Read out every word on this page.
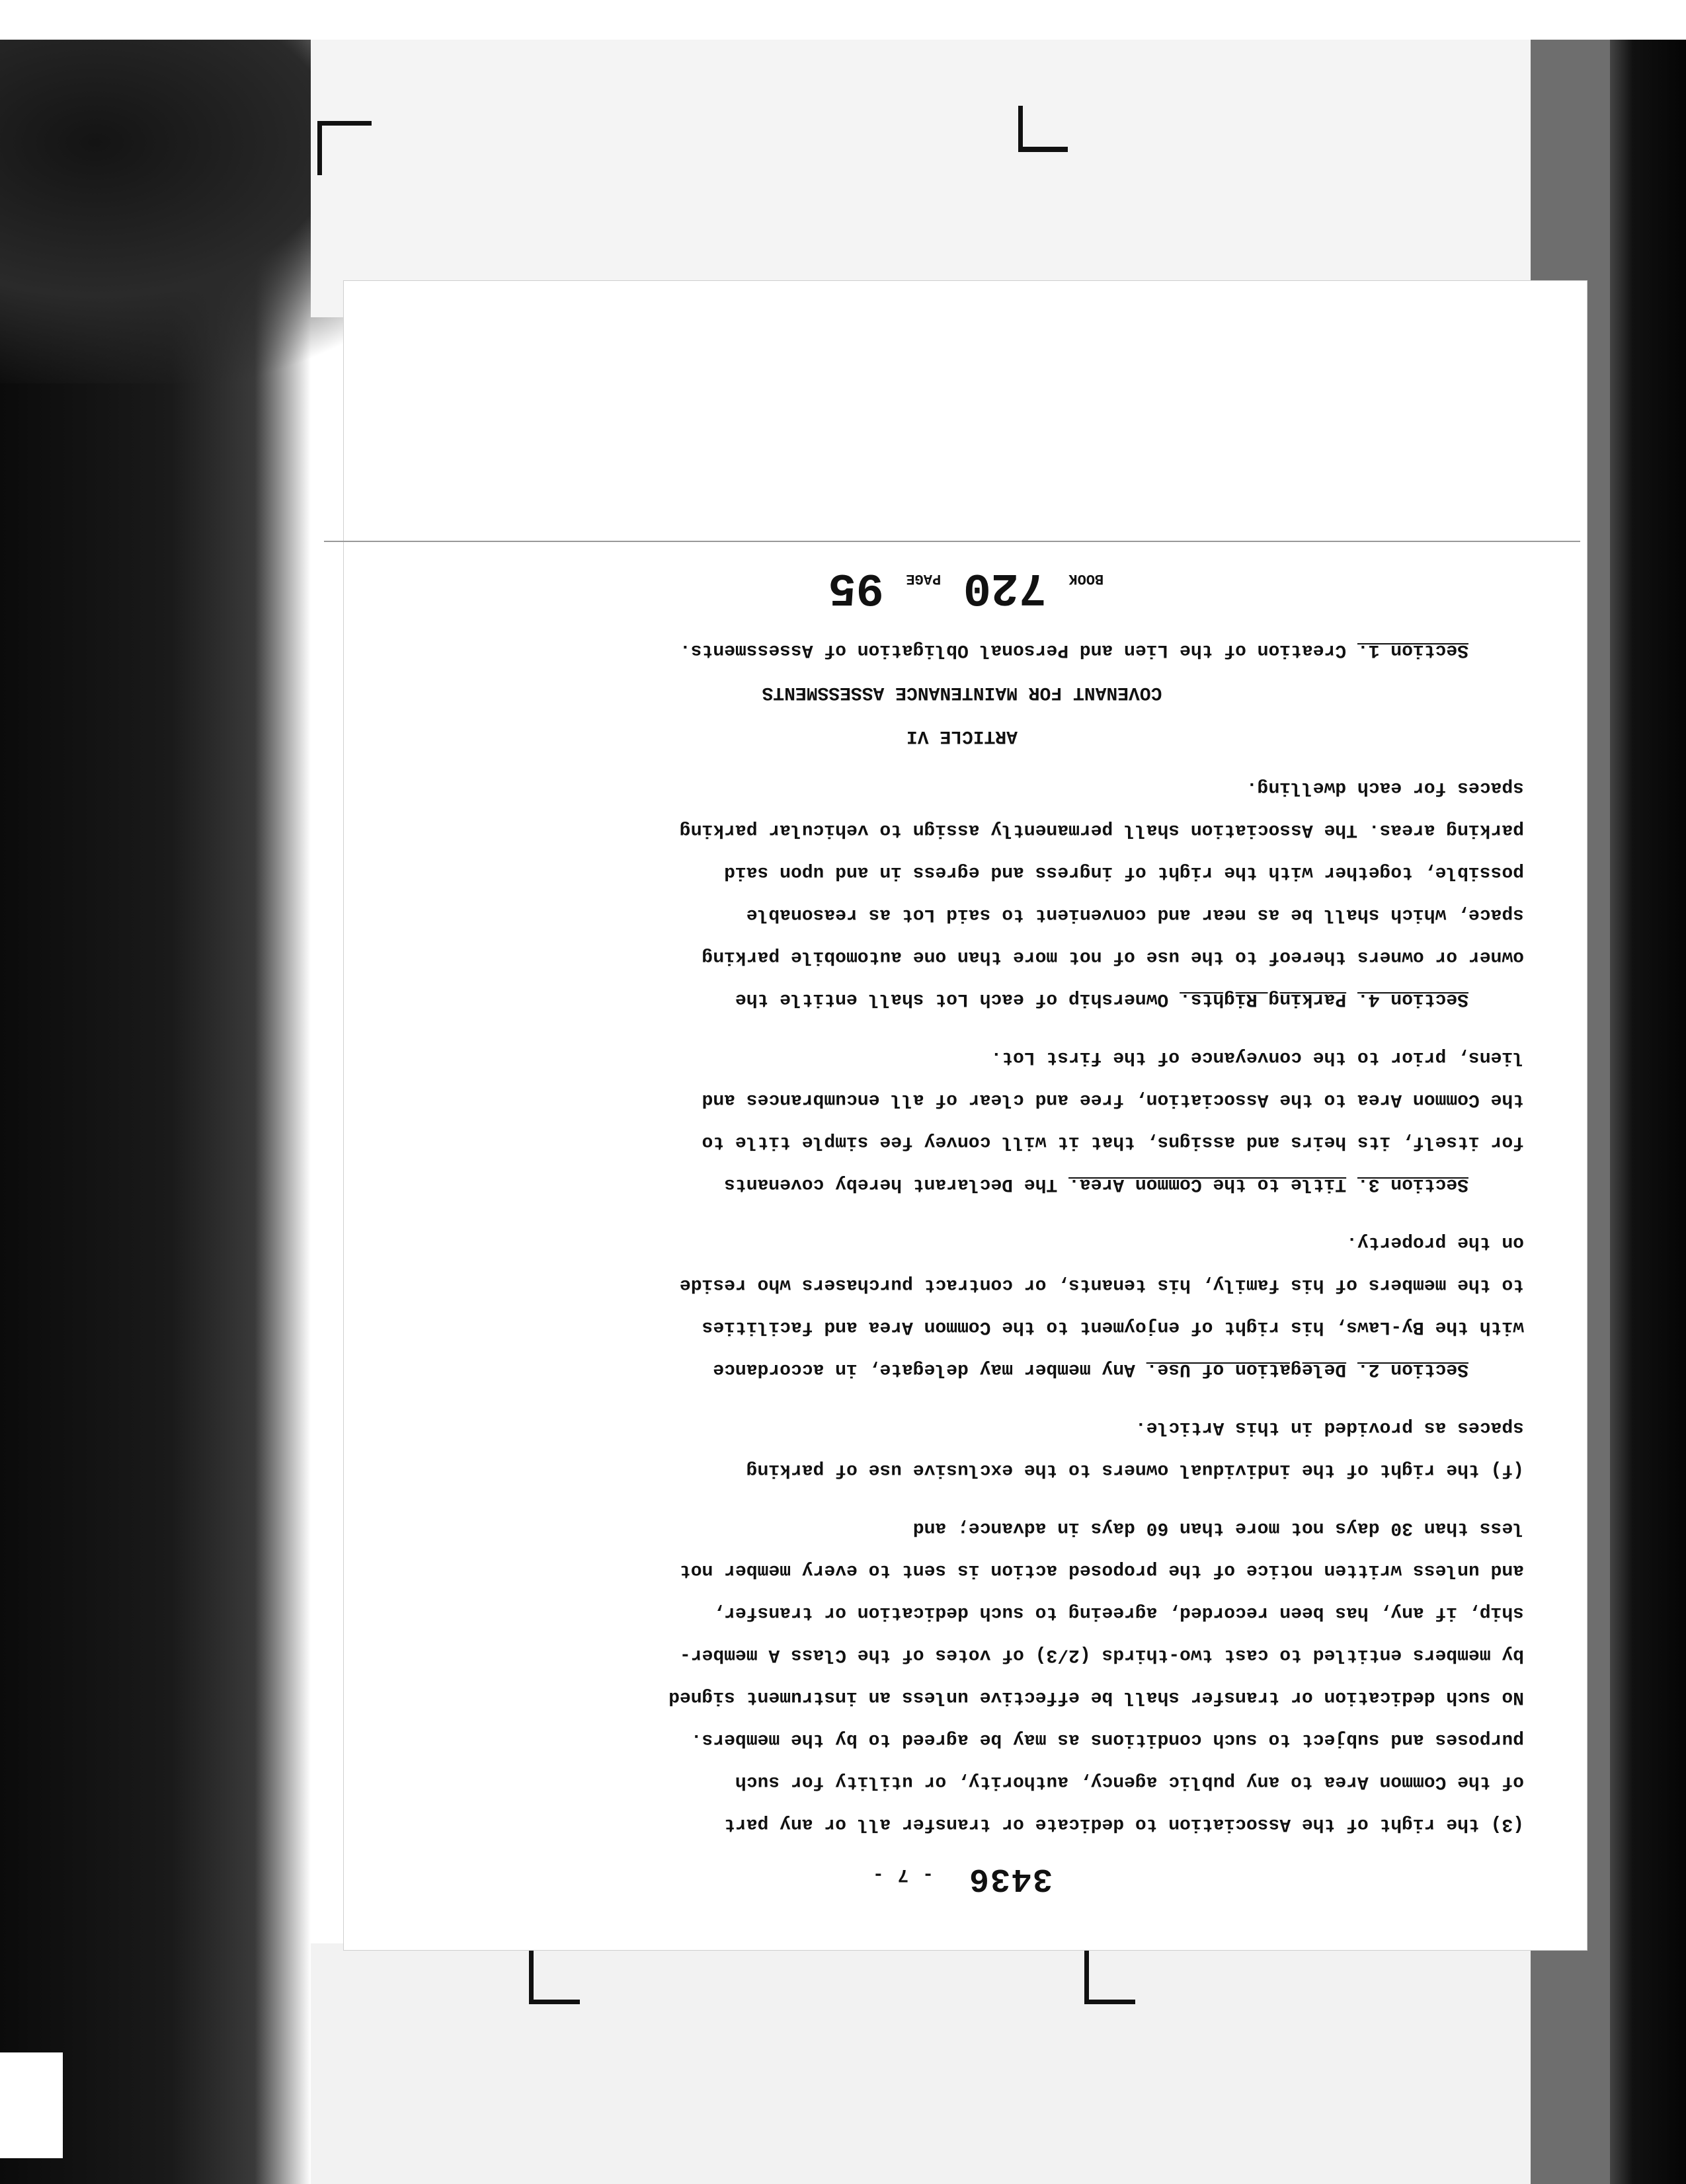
3436 - 7 -
(3) the right of the Association to dedicate or transfer all or any part
of the Common Area to any public agency, authority, or utility for such
purposes and subject to such conditions as may be agreed to by the members.
No such dedication or transfer shall be effective unless an instrument signed
by members entitled to cast two-thirds (2/3) of votes of the Class A member-
ship, if any, has been recorded, agreeing to such dedication or transfer,
and unless written notice of the proposed action is sent to every member not
less than 30 days not more than 60 days in advance; and
(f) the right of the individual owners to the exclusive use of parking
spaces as provided in this Article.
Section 2. Delegation of Use. Any member may delegate, in accordance
with the By-Laws, his right of enjoyment to the Common Area and facilities
to the members of his family, his tenants, or contract purchasers who reside
on the property.
Section 3. Title to the Common Area. The Declarant hereby covenants
for itself, its heirs and assigns, that it will convey fee simple title to
the Common Area to the Association, free and clear of all encumbrances and
liens, prior to the conveyance of the first Lot.
Section 4. Parking Rights. Ownership of each Lot shall entitle the
owner or owners thereof to the use of not more than one automobile parking
space, which shall be as near and convenient to said Lot as reasonable
possible, together with the right of ingress and egress in and upon said
parking areas. The Association shall permanently assign to vehicular parking
spaces for each dwelling.
ARTICLE VI
COVENANT FOR MAINTENANCE ASSESSMENTS
Section 1. Creation of the Lien and Personal Obligation of Assessments.
BOOK 720 PAGE 95
